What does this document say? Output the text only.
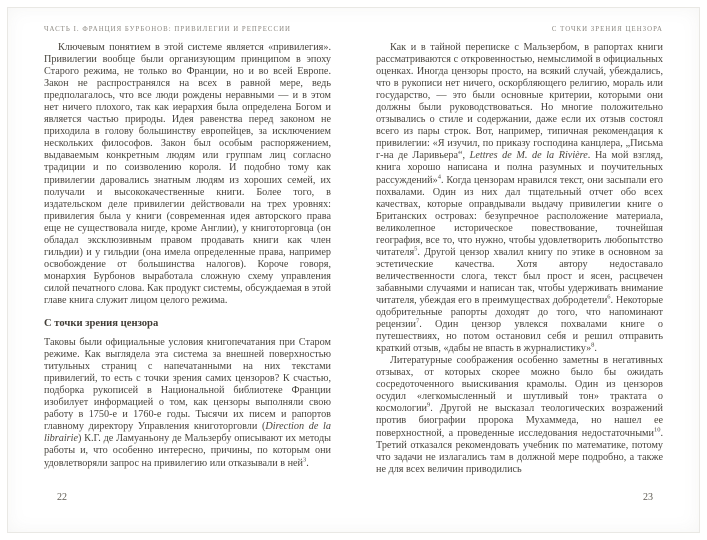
ЧАСТЬ I. ФРАНЦИЯ БУРБОНОВ: ПРИВИЛЕГИИ И РЕПРЕССИИ

Ключевым понятием в этой системе является «привилегия». Привилегии вообще были организующим принципом в эпоху Старого режима, не только во Франции, но и во всей Европе. Закон не распространялся на всех в равной мере, ведь предполагалось, что все люди рождены неравными — и в этом нет ничего плохого, так как иерархия была определена Богом и является частью природы. Идея равенства перед законом не приходила в голову большинству европейцев, за исключением нескольких философов. Закон был особым распоряжением, выдаваемым конкретным людям или группам лиц согласно традиции и по соизволению короля. И подобно тому как привилегии даровались знатным людям из хороших семей, их получали и высококачественные книги. Более того, в издательском деле привилегии действовали на трех уровнях: привилегия была у книги (современная идея авторского права еще не существовала нигде, кроме Англии), у книготорговца (он обладал эксклюзивным правом продавать книги как член гильдии) и у гильдии (она имела определенные права, например освобождение от большинства налогов). Короче говоря, монархия Бурбонов выработала сложную схему управления силой печатного слова. Как продукт системы, обсуждаемая в этой главе книга служит лицом целого режима.

С точки зрения цензора

Таковы были официальные условия книгопечатания при Старом режиме. Как выглядела эта система за внешней поверхностью титульных страниц с напечатанными на них текстами привилегий, то есть с точки зрения самих цензоров? К счастью, подборка рукописей в Национальной библиотеке Франции изобилует информацией о том, как цензоры выполняли свою работу в 1750-е и 1760-е годы. Тысячи их писем и рапортов главному директору Управления книготорговли (Direction de la librairie) К.Г. де Ламуаньону де Мальзербу описывают их методы работы и, что особенно интересно, причины, по которым они удовлетворяли запрос на привилегию или отказывали в ней$^3$.

22
С ТОЧКИ ЗРЕНИЯ ЦЕНЗОРА

Как и в тайной переписке с Мальзербом, в рапортах книги рассматриваются с откровенностью, немыслимой в официальных оценках. Иногда цензоры просто, на всякий случай, убеждались, что в рукописи нет ничего, оскорбляющего религию, мораль или государство, — это были основные критерии, которыми они должны были руководствоваться. Но многие положительно отзывались о стиле и содержании, даже если их отзыв состоял всего из пары строк. Вот, например, типичная рекомендация к привилегии: «Я изучил, по приказу господина канцлера, „Письма г-на де Ларивьера“, Lettres de M. de la Rivière. На мой взгляд, книга хорошо написана и полна разумных и поучительных рассуждений»$^4$. Когда цензорам нравился текст, они засыпали его похвалами. Один из них дал тщательный отчет обо всех качествах, которые оправдывали выдачу привилегии книге о Британских островах: безупречное расположение материала, великолепное историческое повествование, точнейшая география, все то, что нужно, чтобы удовлетворить любопытство читателя$^5$. Другой цензор хвалил книгу по этике в основном за эстетические качества. Хотя автору недоставало величественности слога, текст был прост и ясен, расцвечен забавными случаями и написан так, чтобы удерживать внимание читателя, убеждая его в преимуществах добродетели$^6$. Некоторые одобрительные рапорты доходят до того, что напоминают рецензии$^7$. Один цензор увлекся похвалами книге о путешествиях, но потом остановил себя и решил отправить краткий отзыв, «дабы не впасть в журналистику»$^8$.

Литературные соображения особенно заметны в негативных отзывах, от которых скорее можно было бы ожидать сосредоточенного выискивания крамолы. Один из цензоров осудил «легкомысленный и шутливый тон» трактата о космологии$^9$. Другой не высказал теологических возражений против биографии пророка Мухаммеда, но нашел ее поверхностной, а проведенные исследования недостаточными$^{10}$. Третий отказался рекомендовать учебник по математике, потому что задачи не излагались там в должной мере подробно, а также не для всех величин приводились

23
